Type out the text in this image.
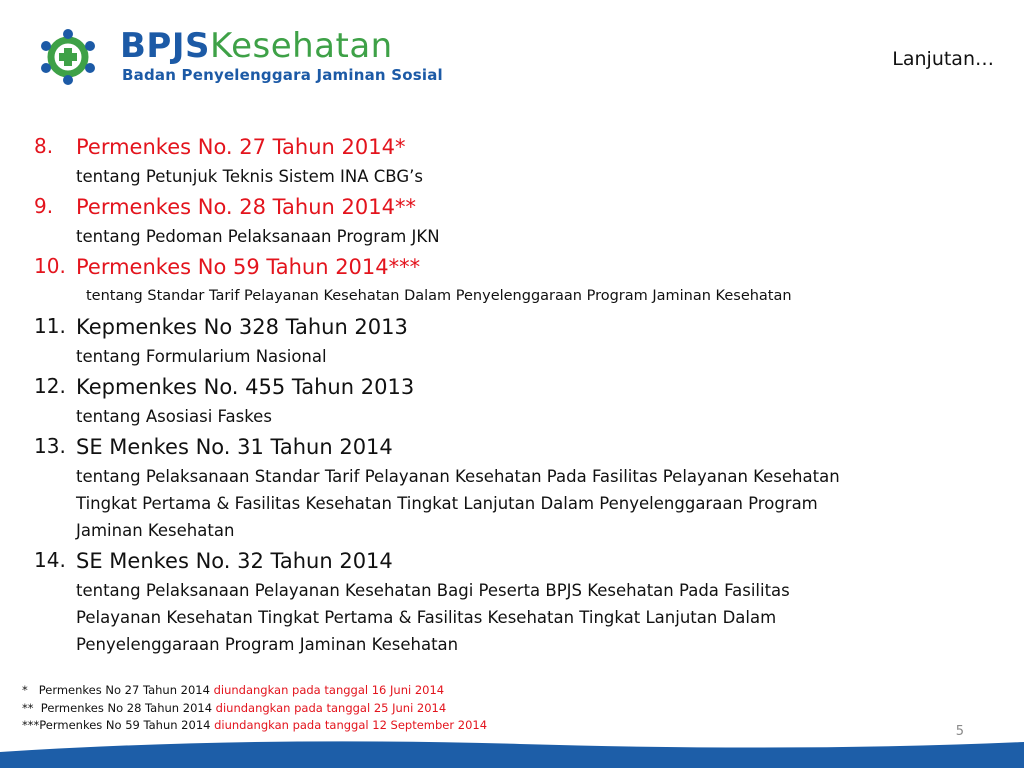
BPJSKesehatan
Badan Penyelenggara Jaminan Sosial
Lanjutan…
8. Permenkes No. 27 Tahun 2014*
tentang Petunjuk Teknis Sistem INA CBG’s
9. Permenkes No. 28 Tahun 2014**
tentang Pedoman Pelaksanaan Program JKN
10. Permenkes No 59 Tahun 2014***
tentang Standar Tarif Pelayanan Kesehatan Dalam Penyelenggaraan Program Jaminan Kesehatan
11. Kepmenkes No 328 Tahun 2013
tentang Formularium Nasional
12. Kepmenkes No. 455 Tahun 2013
tentang Asosiasi Faskes
13. SE Menkes No. 31 Tahun 2014
tentang Pelaksanaan Standar Tarif Pelayanan Kesehatan Pada Fasilitas Pelayanan Kesehatan
Tingkat Pertama & Fasilitas Kesehatan Tingkat Lanjutan Dalam Penyelenggaraan Program
Jaminan Kesehatan
14. SE Menkes No. 32 Tahun 2014
tentang Pelaksanaan Pelayanan Kesehatan Bagi Peserta BPJS Kesehatan Pada Fasilitas
Pelayanan Kesehatan Tingkat Pertama & Fasilitas Kesehatan Tingkat Lanjutan Dalam
Penyelenggaraan Program Jaminan Kesehatan
*   Permenkes No 27 Tahun 2014 diundangkan pada tanggal 16 Juni 2014
**  Permenkes No 28 Tahun 2014 diundangkan pada tanggal 25 Juni 2014
***Permenkes No 59 Tahun 2014 diundangkan pada tanggal 12 September 2014	5
